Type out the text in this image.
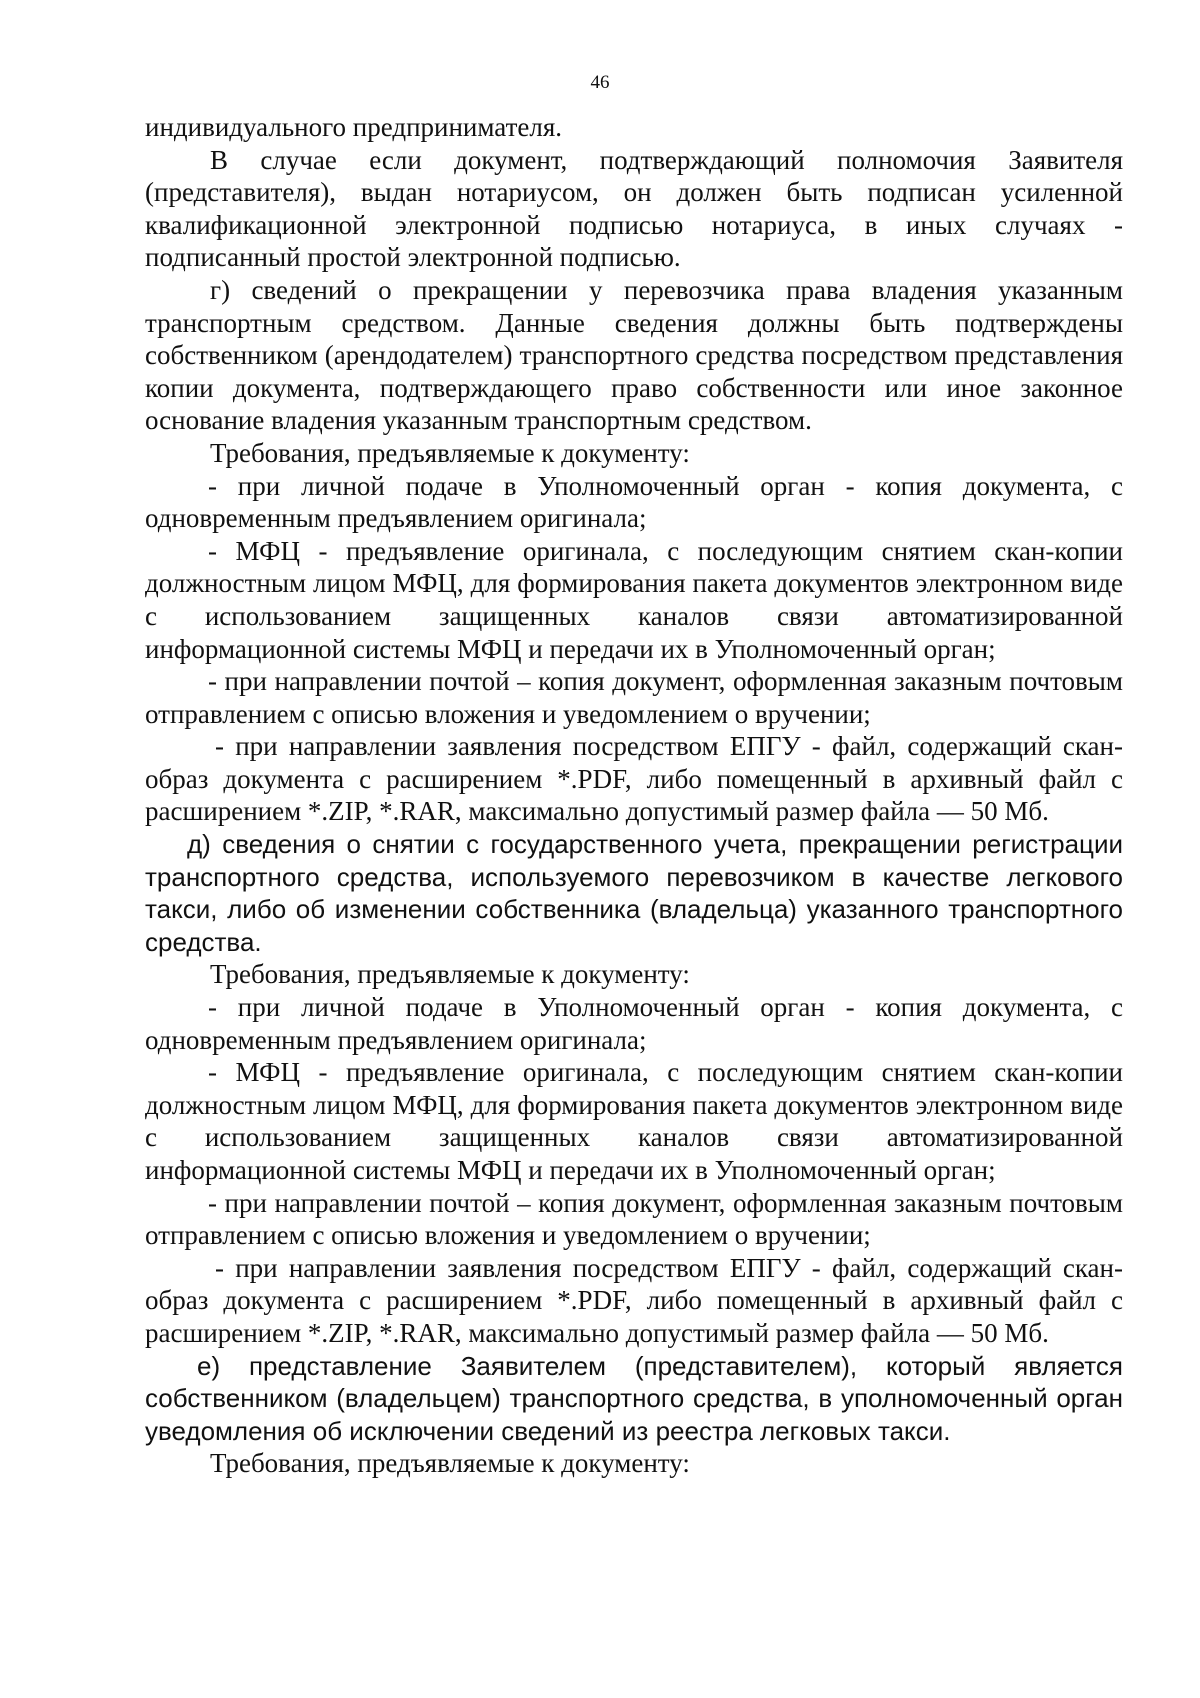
46

индивидуального предпринимателя.

В случае если документ, подтверждающий полномочия Заявителя (представителя), выдан нотариусом, он должен быть подписан усиленной квалификационной электронной подписью нотариуса, в иных случаях - подписанный простой электронной подписью.

г) сведений о прекращении у перевозчика права владения указанным транспортным средством. Данные сведения должны быть подтверждены собственником (арендодателем) транспортного средства посредством представления копии документа, подтверждающего право собственности или иное законное основание владения указанным транспортным средством.

Требования, предъявляемые к документу:

- при личной подаче в Уполномоченный орган - копия документа, с одновременным предъявлением оригинала;

- МФЦ - предъявление оригинала, с последующим снятием скан-копии должностным лицом МФЦ, для формирования пакета документов электронном виде с использованием защищенных каналов связи автоматизированной информационной системы МФЦ и передачи их в Уполномоченный орган;

- при направлении почтой – копия документ, оформленная заказным почтовым отправлением с описью вложения и уведомлением о вручении;

- при направлении заявления посредством ЕПГУ - файл, содержащий скан-образ документа с расширением *.PDF, либо помещенный в архивный файл с расширением *.ZIP, *.RAR, максимально допустимый размер файла — 50 Мб.

д) сведения о снятии с государственного учета, прекращении регистрации транспортного средства, используемого перевозчиком в качестве легкового такси, либо об изменении собственника (владельца) указанного транспортного средства.

Требования, предъявляемые к документу:

- при личной подаче в Уполномоченный орган - копия документа, с одновременным предъявлением оригинала;

- МФЦ - предъявление оригинала, с последующим снятием скан-копии должностным лицом МФЦ, для формирования пакета документов электронном виде с использованием защищенных каналов связи автоматизированной информационной системы МФЦ и передачи их в Уполномоченный орган;

- при направлении почтой – копия документ, оформленная заказным почтовым отправлением с описью вложения и уведомлением о вручении;

- при направлении заявления посредством ЕПГУ - файл, содержащий скан-образ документа с расширением *.PDF, либо помещенный в архивный файл с расширением *.ZIP, *.RAR, максимально допустимый размер файла — 50 Мб.

е) представление Заявителем (представителем), который является собственником (владельцем) транспортного средства, в уполномоченный орган уведомления об исключении сведений из реестра легковых такси.

Требования, предъявляемые к документу:
